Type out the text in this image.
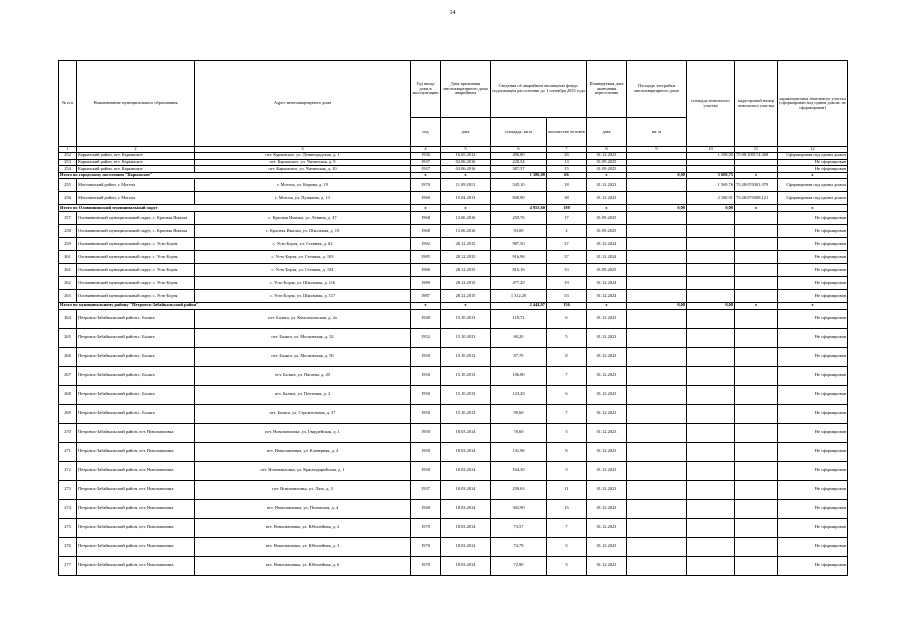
14
№ п/п	Наименование муниципального образования	Адрес многоквартирного дома	Год ввода дома в эксплуатацию	Дата признания многоквартирного дома аварийным	Сведения об аварийном жилищном фонде, подлежащем расселению до 1 сентября 2025 года		Планируемая дата окончания переселения	Площадь застройки многоквартирного дома	площадь земельного участка	кадастровый номер земельного участка	характеристика земельного участка (сформирован под одним домом, не сформирован)
			год	дата	площадь, кв.м	количество человек	дата	кв. м			
1	2	3	4	5	6	7	8	9	10	11	12
252	Карымский район, пгт. Карымское	пгт. Карымское, ул. Ленинградская, д. 1	1936	16.05.2012	496,80	26	01.12.2023		1 108,00	75:08:100174:268	Сформирован под одним домом
253	Карымский район, пгт. Карымское	пгт. Карымское, ул. Читинская, д. 9	1937	02.06.2016	228,54	13	01.09.2025				Не сформирован
254	Карымский район, пгт. Карымское	пгт. Карымское, ул. Читинская, д. 10	1937	03.06.2016	387,37	15	01.09.2025				Не сформирован
Итого по городскому поселению "Карымское"			x	x	1 386,00	66	x	0,00	3 669,75	x	x
255	Могочинский район, г. Могоча	г. Могоча, ул. Кирова, д. 19	1970	11.09.2013	545,10	18	01.12.2023		1 569,76	75:28:070301:379	Сформирован под одним домом
256	Могочинский район, г. Могоча	г. Могоча, ул. Пушкина, д. 13	1960	15.04.2013	840,90	38	01.12.2023		2 100,01	75:28:070308:121	Сформирован под одним домом
Итого по Оловяннинский муниципальный округ			x	x	4 953,60	198	x	0,00	0,00	x	x
257	Оловяннинский муниципальный округ, с. Красная Ималка	с. Красная Ималка, ул. Ленина, д. 47	1968	13.06.2016	250,76	17	01.09.2025				Не сформирован
258	Оловяннинский муниципальный округ, с. Красная Ималка	с. Красная Ималка, ул. Школьная, д. 19	1968	13.06.2016	93,00	2	01.09.2025				Не сформирован
259	Оловяннинский муниципальный округ, с. Усть-Борзя	с. Усть-Борзя, ул. Степная, д. 63	1992	28.12.2015	987,50	37	01.12.2024				Не сформирован
261	Оловяннинский муниципальный округ, с. Усть-Борзя	с. Усть-Борзя, ул. Степная, д. 103	1985	28.12.2015	916,96	37	01.12.2024				Не сформирован
261	Оловяннинский муниципальный округ, с. Усть-Борзя	с. Усть-Борзя, ул. Степная, д. 104	1986	28.12.2015	816,16	33	01.09.2025				Не сформирован
262	Оловяннинский муниципальный округ, с. Усть-Борзя	с. Усть-Борзя, ул. Школьная, д. 116	1989	28.12.2015	477,20	19	01.12.2024				Не сформирован
263	Оловяннинский муниципальный округ, с. Усть-Борзя	с. Усть-Борзя, ул. Школьная, д. 117	1987	28.12.2015	1 312,20	53	01.12.2024				Не сформирован
Итого по муниципальному району "Петровск-Забайкальский район"			x	x	2 444,97	156	x	0,00	0,00	x	x
264	Петровск-Забайкальский район,с. Баляга	пгт. Баляга, ул. Комсомольская, д. 2а	1948	15.10.2013	118,72	6	01.12.2023				Не сформирован
265	Петровск-Забайкальский район,с. Баляга	пгт. Баляга, ул. Московская, д. 52	1952	15.10.2013	60,20	5	01.12.2023				Не сформирован
266	Петровск-Забайкальский район,с. Баляга	пгт. Баляга, ул. Московская, д. 50	1950	15.10.2013	87,70	8	01.12.2023				Не сформирован
267	Петровск-Забайкальский район,с. Баляга	пгт. Баляга, ул. Нагаева, д. 20	1950	15.10.2013	106,80	7	01.12.2023				Не сформирован
268	Петровск-Забайкальский район,с. Баляга	пгт. Баляга, ул. Почтовая, д. 2	1950	15.10.2013	123,20	6	01.12.2023				Не сформирован
269	Петровск-Забайкальский район,с. Баляга	пгт. Баляга, ул. Строительная, д. 37	1950	15.10.2013	99,60	7	01.12.2023				Не сформирован
270	Петровск-Забайкальский район, пгт. Новопавловка	пгт. Новопавловка, ул. Гвардейская, д. 1	1950	18.03.2014	76,60	5	01.12.2023				Не сформирован
271	Петровск-Забайкальский район, пгт. Новопавловка	пгт. Новопавловка, ул. Клеверная, д. 4	1950	18.03.2014	141,96	8	01.12.2023				Не сформирован
272	Петровск-Забайкальский район, пгт. Новопавловка	пгт. Новопавловка, ул. Краснодарийская, д. 1	1950	18.03.2014	164,30	5	01.12.2023				Не сформирован
273	Петровск-Забайкальский район, пгт. Новопавловка	пгт. Новопавловка, ул. Лазо, д. 3	1937	18.03.2014	239,63	11	01.12.2023				Не сформирован
274	Петровск-Забайкальский район, пгт. Новопавловка	пгт. Новопавловка, ул. Полевская, д. 4	1940	18.03.2014	302,90	15	01.12.2023				Не сформирован
275	Петровск-Забайкальский район, пгт. Новопавловка	пгт. Новопавловка, ул. Юбилейная, д. 2	1970	18.03.2014	73,57	7	01.12.2023				Не сформирован
276	Петровск-Забайкальский район, пгт. Новопавловка	пгт. Новопавловка, ул. Юбилейная, д. 3	1970	18.03.2014	74,79	5	01.12.2023				Не сформирован
277	Петровск-Забайкальский район, пгт. Новопавловка	пгт. Новопавловка, ул. Юбилейная, д. 6	1970	18.03.2014	72,80	5	01.12.2023				Не сформирован
